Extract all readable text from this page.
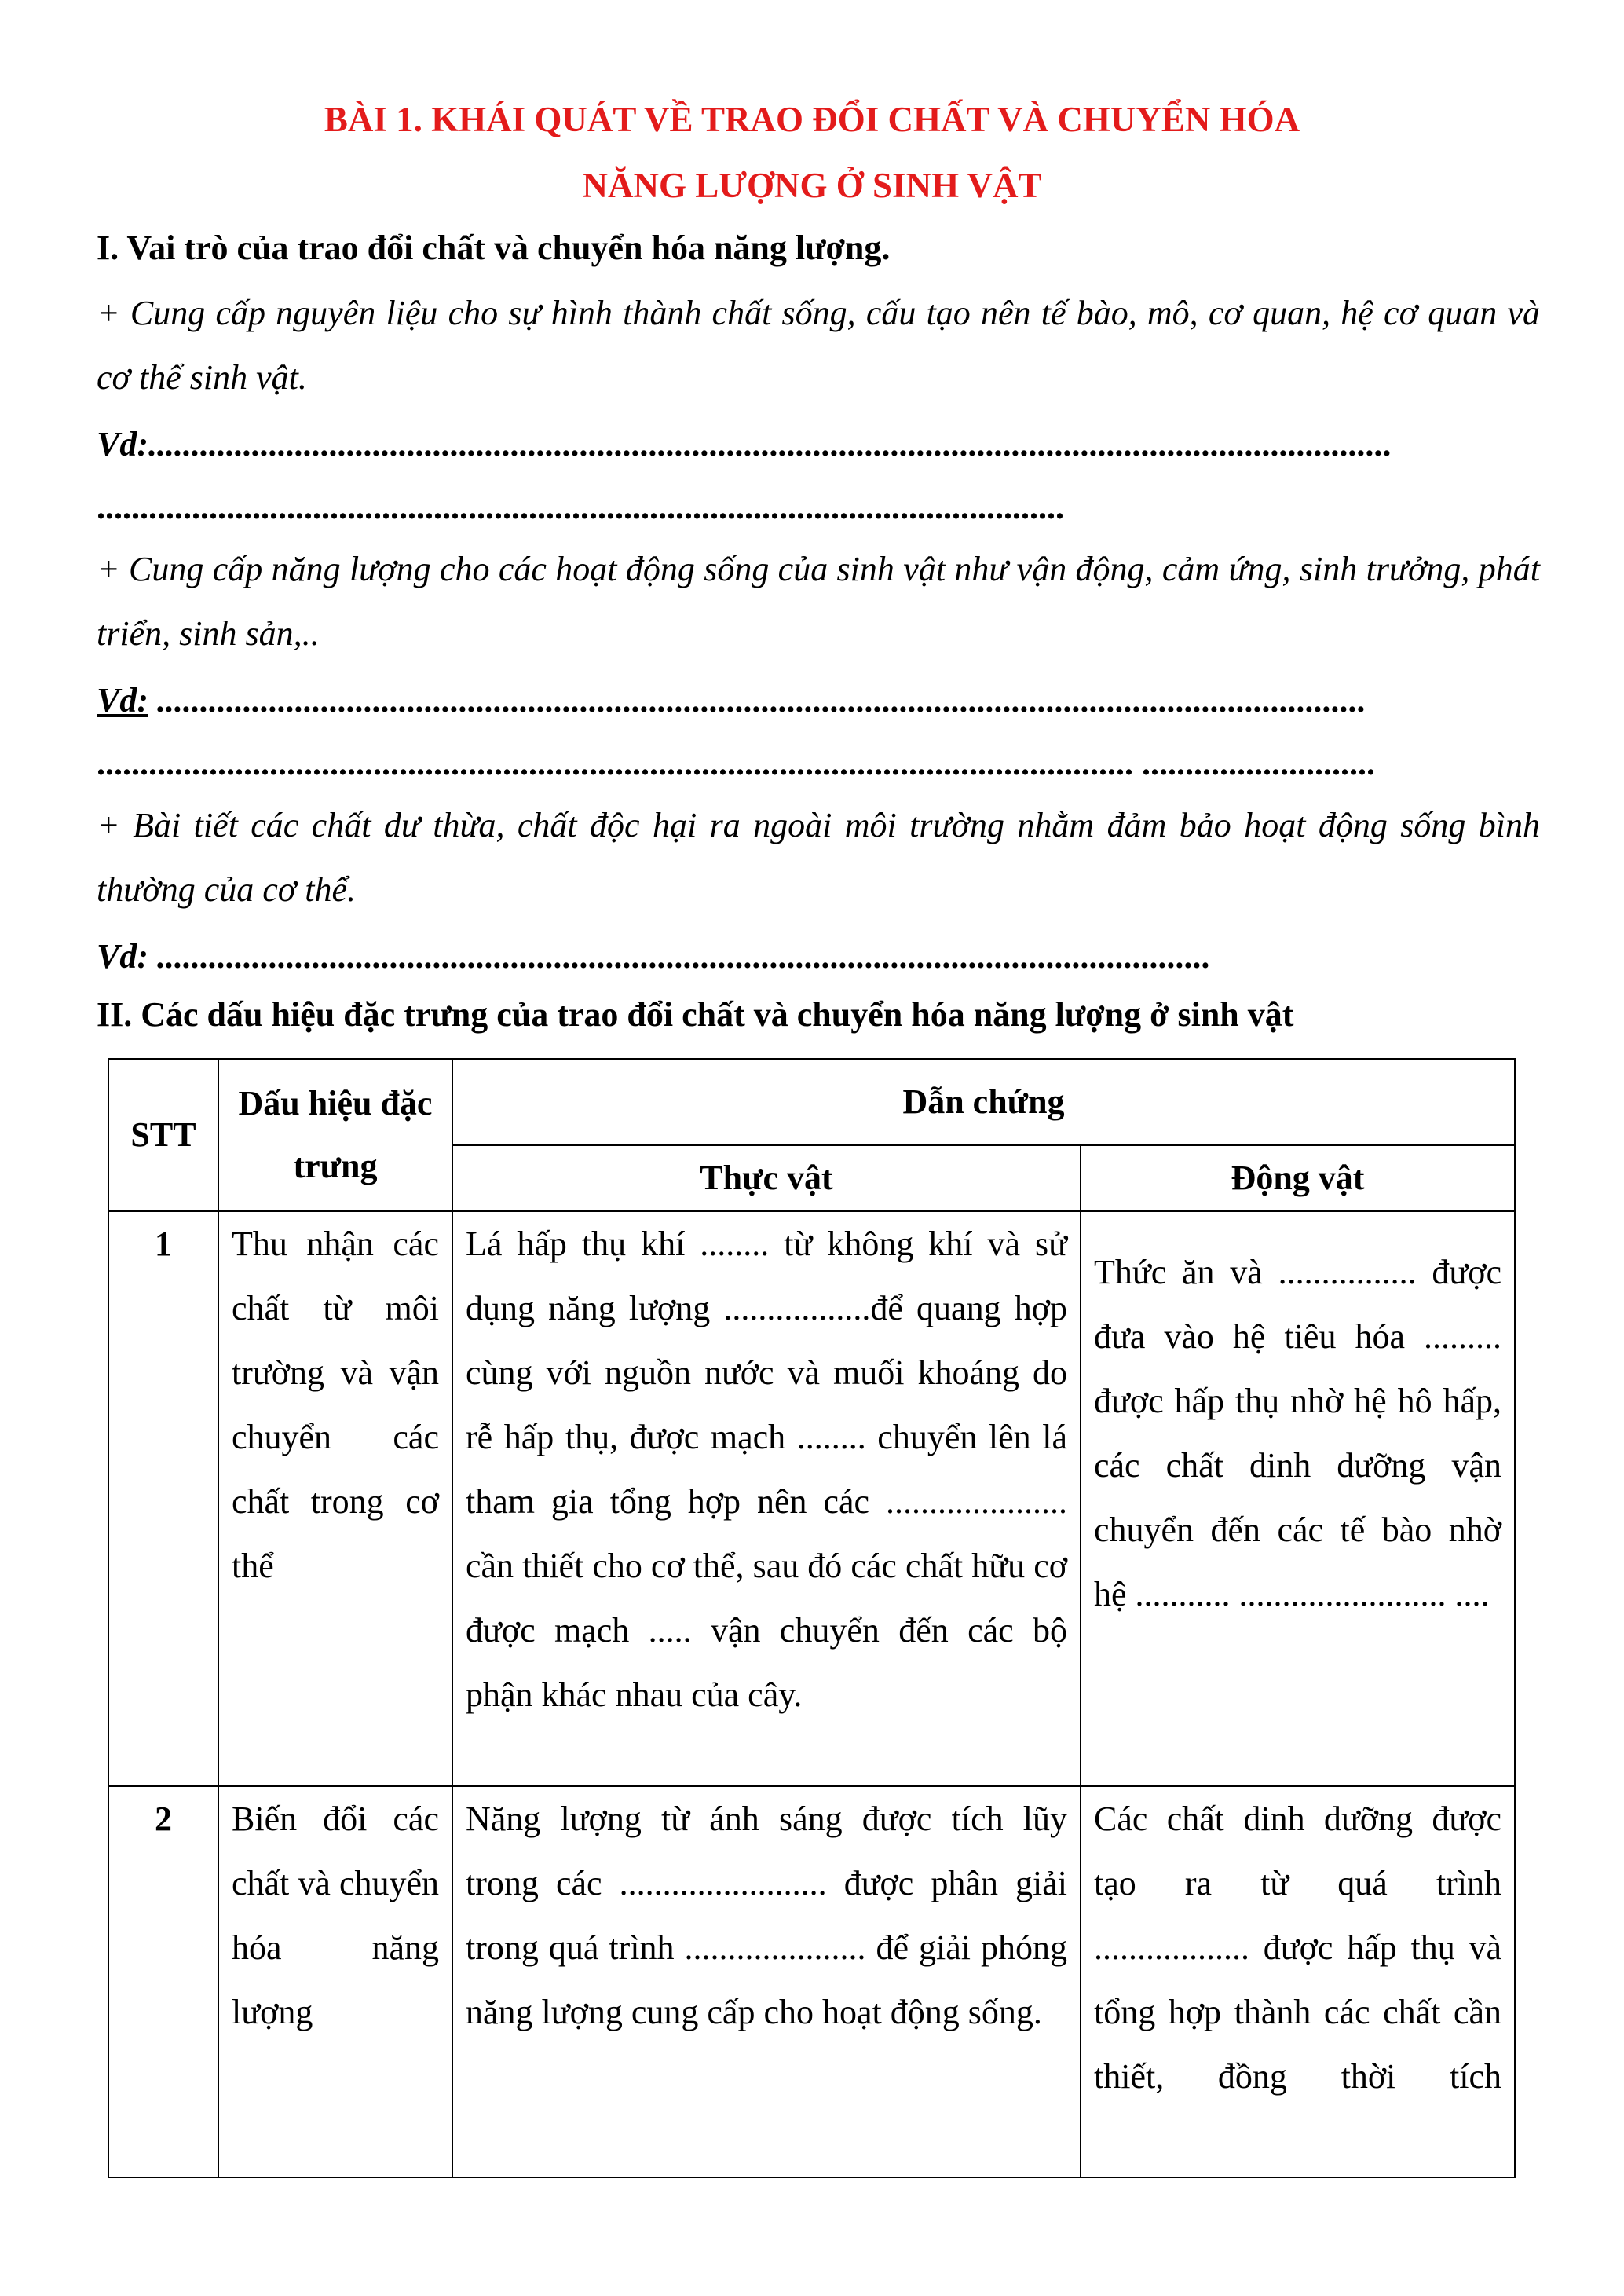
BÀI 1. KHÁI QUÁT VỀ TRAO ĐỔI CHẤT VÀ CHUYỂN HÓA
NĂNG LƯỢNG Ở SINH VẬT
I. Vai trò của trao đổi chất và chuyển hóa năng lượng.
+ Cung cấp nguyên liệu cho sự hình thành chất sống, cấu tạo nên tế bào, mô, cơ quan, hệ cơ quan và cơ thể sinh vật.
Vd:................................................................................................................................................
................................................................................................................
+ Cung cấp năng lượng cho các hoạt động sống của sinh vật như vận động, cảm ứng, sinh trưởng, phát triển, sinh sản,..
Vd: ............................................................................................................................................
........................................................................................................................ ...........................
+ Bài tiết các chất dư thừa, chất độc hại ra ngoài môi trường nhằm đảm bảo hoạt động sống bình thường của cơ thể.
Vd: ..........................................................................................................................
II. Các dấu hiệu đặc trưng của trao đổi chất và chuyển hóa năng lượng ở sinh vật
STT	Dấu hiệu đặc trưng	Dẫn chứng	
		Thực vật	Động vật
1	Thu nhận các chất từ môi trường và vận chuyển các chất trong cơ thể	Lá hấp thụ khí ........ từ không khí và sử dụng năng lượng .................để quang hợp cùng với nguồn nước và muối khoáng do rễ hấp thụ, được mạch ........ chuyển lên lá tham gia tổng hợp nên các ..................... cần thiết cho cơ thể, sau đó các chất hữu cơ được mạch ..... vận chuyển đến các bộ phận khác nhau của cây.	Thức ăn và ................ được đưa vào hệ tiêu hóa ......... được hấp thụ nhờ hệ hô hấp, các chất dinh dưỡng vận chuyển đến các tế bào nhờ hệ ........... ........................ ....
2	Biến đổi các chất và chuyển hóa năng lượng	Năng lượng từ ánh sáng được tích lũy trong các ........................ được phân giải trong quá trình ..................... để giải phóng năng lượng cung cấp cho hoạt động sống.	Các chất dinh dưỡng được tạo ra từ quá trình .................. được hấp thụ và tổng hợp thành các chất cần thiết, đồng thời tích
